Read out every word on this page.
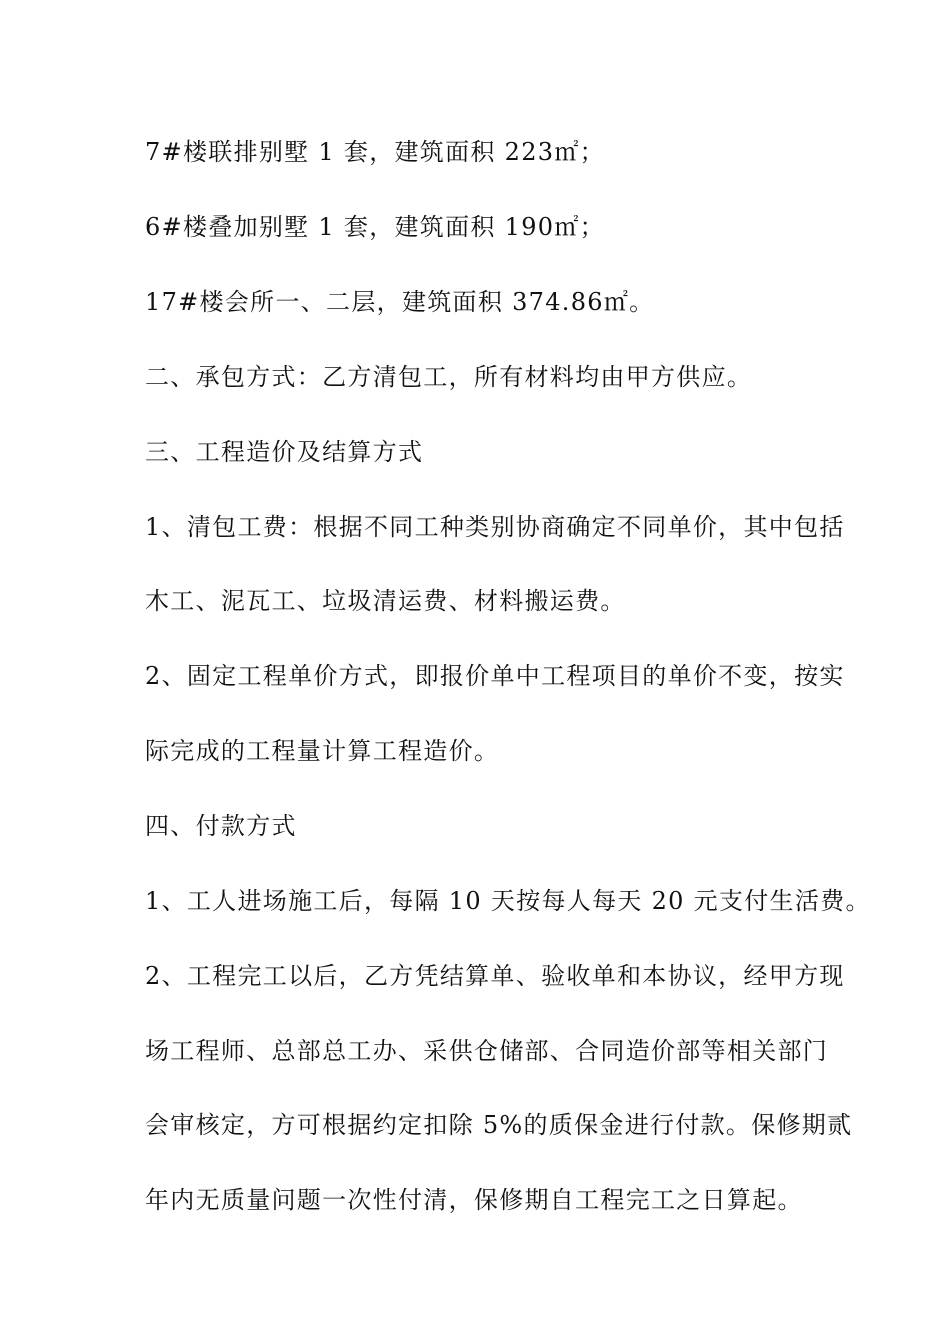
7#楼联排别墅 1 套，建筑面积 223㎡；
6#楼叠加别墅 1 套，建筑面积 190㎡；
17#楼会所一、二层，建筑面积 374.86㎡。
二、承包方式：乙方清包工，所有材料均由甲方供应。
三、工程造价及结算方式
1、清包工费：根据不同工种类别协商确定不同单价，其中包括
木工、泥瓦工、垃圾清运费、材料搬运费。
2、固定工程单价方式，即报价单中工程项目的单价不变，按实
际完成的工程量计算工程造价。
四、付款方式
1、工人进场施工后，每隔 10 天按每人每天 20 元支付生活费。
2、工程完工以后，乙方凭结算单、验收单和本协议，经甲方现
场工程师、总部总工办、采供仓储部、合同造价部等相关部门
会审核定，方可根据约定扣除 5%的质保金进行付款。保修期贰
年内无质量问题一次性付清，保修期自工程完工之日算起。
